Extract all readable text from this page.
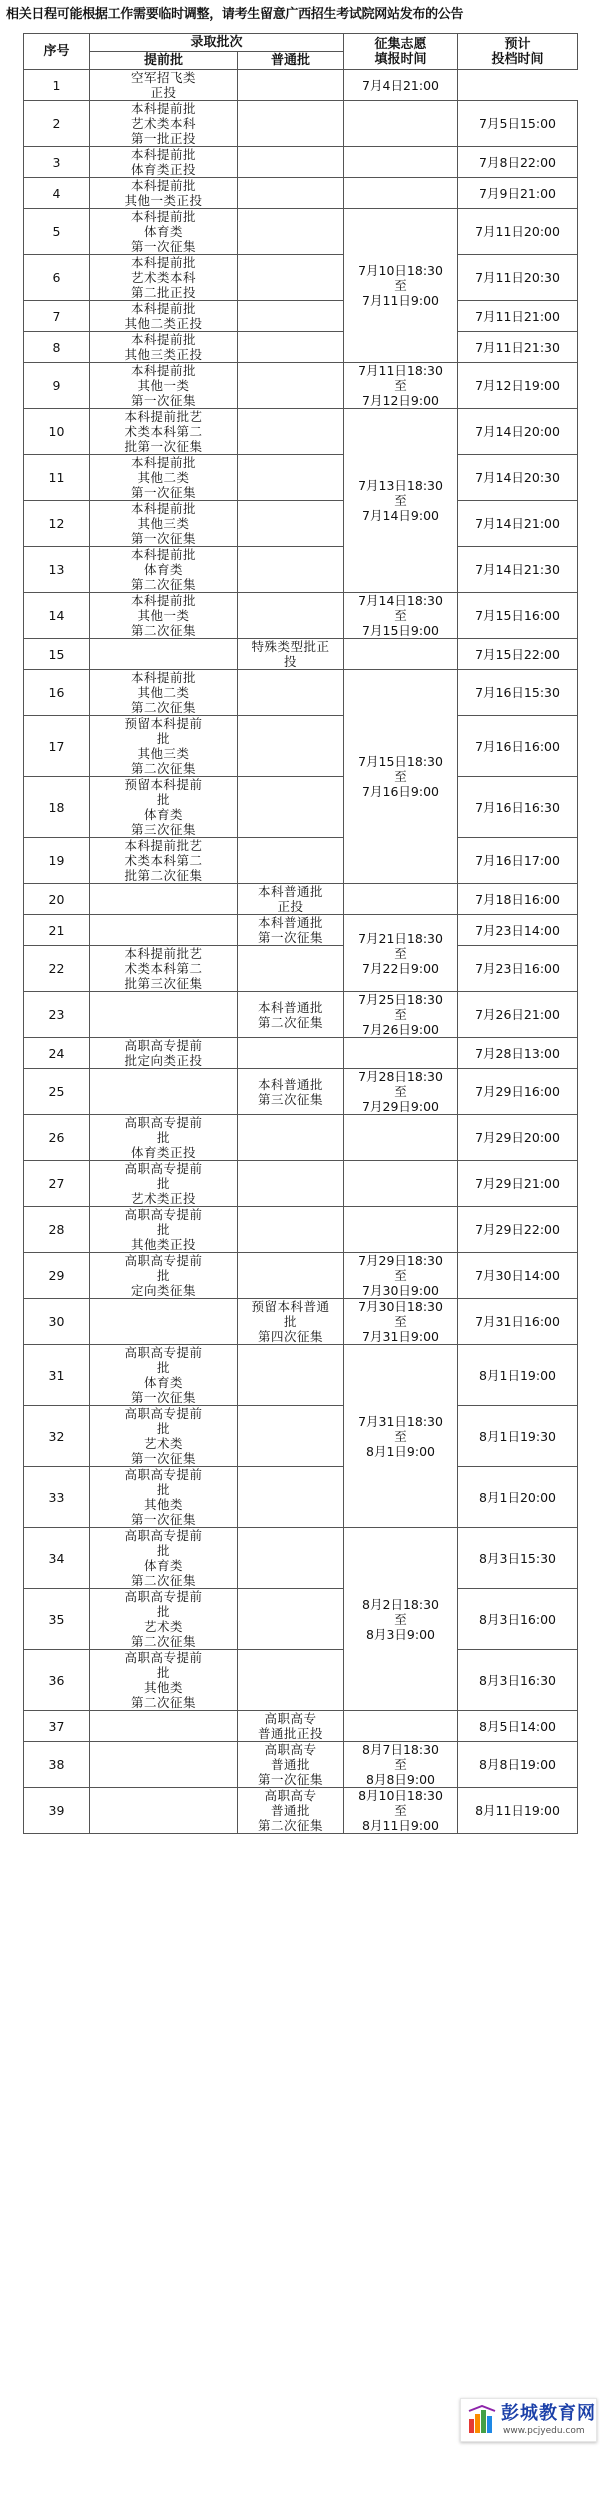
相关日程可能根据工作需要临时调整，请考生留意广西招生考试院网站发布的公告
序号	录取批次		征集志愿
填报时间	预计
投档时间
	提前批	普通批		
1	空军招飞类
正投		7月4日21:00	
2	本科提前批
艺术类本科
第一批正投			7月5日15:00
3	本科提前批
体育类正投			7月8日22:00
4	本科提前批
其他一类正投			7月9日21:00
5	本科提前批
体育类
第一次征集		7月10日18:30
至
7月11日9:00	7月11日20:00
6	本科提前批
艺术类本科
第二批正投			7月11日20:30
7	本科提前批
其他二类正投			7月11日21:00
8	本科提前批
其他三类正投			7月11日21:30
9	本科提前批
其他一类
第一次征集		7月11日18:30
至
7月12日9:00	7月12日19:00
10	本科提前批艺
术类本科第二
批第一次征集		7月13日18:30
至
7月14日9:00	7月14日20:00
11	本科提前批
其他二类
第一次征集			7月14日20:30
12	本科提前批
其他三类
第一次征集			7月14日21:00
13	本科提前批
体育类
第二次征集			7月14日21:30
14	本科提前批
其他一类
第二次征集		7月14日18:30
至
7月15日9:00	7月15日16:00
15		特殊类型批正
投		7月15日22:00
16	本科提前批
其他二类
第二次征集		7月15日18:30
至
7月16日9:00	7月16日15:30
17	预留本科提前
批
其他三类
第二次征集			7月16日16:00
18	预留本科提前
批
体育类
第三次征集			7月16日16:30
19	本科提前批艺
术类本科第二
批第二次征集			7月16日17:00
20		本科普通批
正投		7月18日16:00
21		本科普通批
第一次征集	7月21日18:30
至
7月22日9:00	7月23日14:00
22	本科提前批艺
术类本科第二
批第三次征集			7月23日16:00
23		本科普通批
第二次征集	7月25日18:30
至
7月26日9:00	7月26日21:00
24	高职高专提前
批定向类正投			7月28日13:00
25		本科普通批
第三次征集	7月28日18:30
至
7月29日9:00	7月29日16:00
26	高职高专提前
批
体育类正投			7月29日20:00
27	高职高专提前
批
艺术类正投			7月29日21:00
28	高职高专提前
批
其他类正投			7月29日22:00
29	高职高专提前
批
定向类征集		7月29日18:30
至
7月30日9:00	7月30日14:00
30		预留本科普通
批
第四次征集	7月30日18:30
至
7月31日9:00	7月31日16:00
31	高职高专提前
批
体育类
第一次征集		7月31日18:30
至
8月1日9:00	8月1日19:00
32	高职高专提前
批
艺术类
第一次征集			8月1日19:30
33	高职高专提前
批
其他类
第一次征集			8月1日20:00
34	高职高专提前
批
体育类
第二次征集		8月2日18:30
至
8月3日9:00	8月3日15:30
35	高职高专提前
批
艺术类
第二次征集			8月3日16:00
36	高职高专提前
批
其他类
第二次征集			8月3日16:30
37		高职高专
普通批正投		8月5日14:00
38		高职高专
普通批
第一次征集	8月7日18:30
至
8月8日9:00	8月8日19:00
39		高职高专
普通批
第二次征集	8月10日18:30
至
8月11日9:00	8月11日19:00
彭城教育网
www.pcjyedu.com
